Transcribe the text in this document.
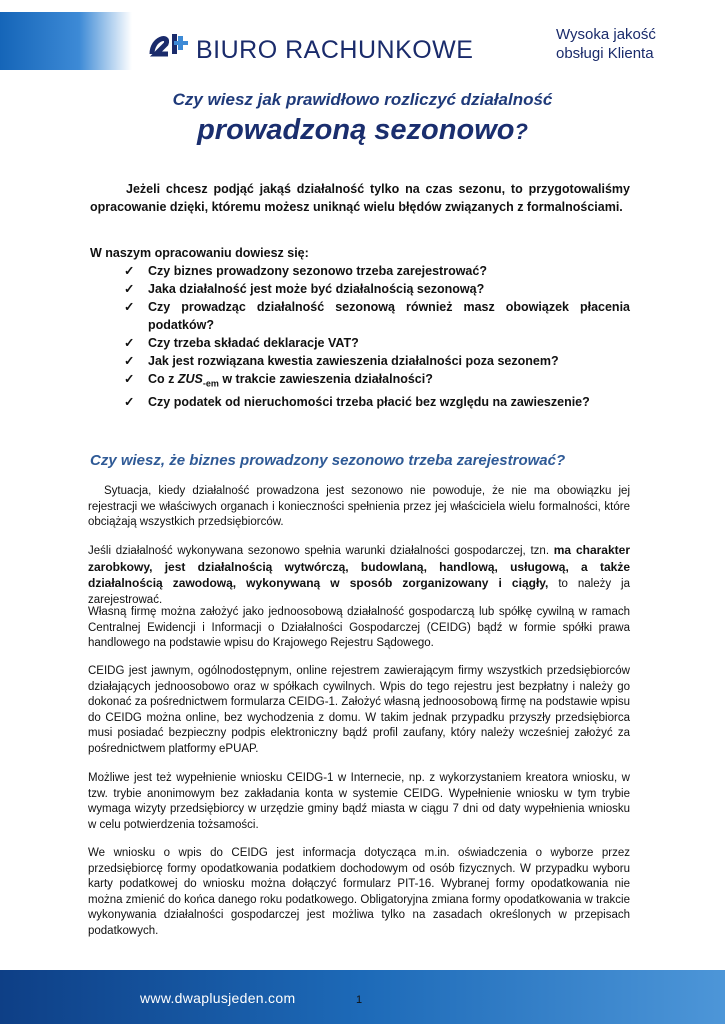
BIURO RACHUNKOWE
Wysoka jakość
obsługi Klienta
Czy wiesz jak prawidłowo rozliczyć działalność
prowadzoną sezonowo?

Jeżeli chcesz podjąć jakąś działalność tylko na czas sezonu, to przygotowaliśmy opracowanie dzięki, któremu możesz uniknąć wielu błędów związanych z formalnościami.

W naszym opracowaniu dowiesz się:
✓ Czy biznes prowadzony sezonowo trzeba zarejestrować?
✓ Jaka działalność jest może być działalnością sezonową?
✓ Czy prowadząc działalność sezonową również masz obowiązek płacenia podatków?
✓ Czy trzeba składać deklaracje VAT?
✓ Jak jest rozwiązana kwestia zawieszenia działalności poza sezonem?
✓ Co z $ZUS_{-em}$ w trakcie zawieszenia działalności?
✓ Czy podatek od nieruchomości trzeba płacić bez względu na zawieszenie?
Czy wiesz, że biznes prowadzony sezonowo trzeba zarejestrować?

Sytuacja, kiedy działalność prowadzona jest sezonowo nie powoduje, że nie ma obowiązku jej rejestracji we właściwych organach i konieczności spełnienia przez jej właściciela wielu formalności, które obciążają wszystkich przedsiębiorców.

Jeśli działalność wykonywana sezonowo spełnia warunki działalności gospodarczej, tzn. ma charakter zarobkowy, jest działalnością wytwórczą, budowlaną, handlową, usługową, a także działalnością zawodową, wykonywaną w sposób zorganizowany i ciągły, to należy ja zarejestrować.

Własną firmę można założyć jako jednoosobową działalność gospodarczą lub spółkę cywilną w ramach Centralnej Ewidencji i Informacji o Działalności Gospodarczej (CEIDG) bądź w formie spółki prawa handlowego na podstawie wpisu do Krajowego Rejestru Sądowego.

CEIDG jest jawnym, ogólnodostępnym, online rejestrem zawierającym firmy wszystkich przedsiębiorców działających jednoosobowo oraz w spółkach cywilnych. Wpis do tego rejestru jest bezpłatny i należy go dokonać za pośrednictwem formularza CEIDG-1. Założyć własną jednoosobową firmę na podstawie wpisu do CEIDG można online, bez wychodzenia z domu. W takim jednak przypadku przyszły przedsiębiorca musi posiadać bezpieczny podpis elektroniczny bądź profil zaufany, który należy wcześniej założyć za pośrednictwem platformy ePUAP.

Możliwe jest też wypełnienie wniosku CEIDG-1 w Internecie, np. z wykorzystaniem kreatora wniosku, w tzw. trybie anonimowym bez zakładania konta w systemie CEIDG. Wypełnienie wniosku w tym trybie wymaga wizyty przedsiębiorcy w urzędzie gminy bądź miasta w ciągu 7 dni od daty wypełnienia wniosku w celu potwierdzenia tożsamości.

We wniosku o wpis do CEIDG jest informacja dotycząca m.in. oświadczenia o wyborze przez przedsiębiorcę formy opodatkowania podatkiem dochodowym od osób fizycznych. W przypadku wyboru karty podatkowej do wniosku można dołączyć formularz PIT-16. Wybranej formy opodatkowania nie można zmienić do końca danego roku podatkowego. Obligatoryjna zmiana formy opodatkowania w trakcie wykonywania działalności gospodarczej jest możliwa tylko na zasadach określonych w przepisach podatkowych.

www.dwaplusjeden.com	1
